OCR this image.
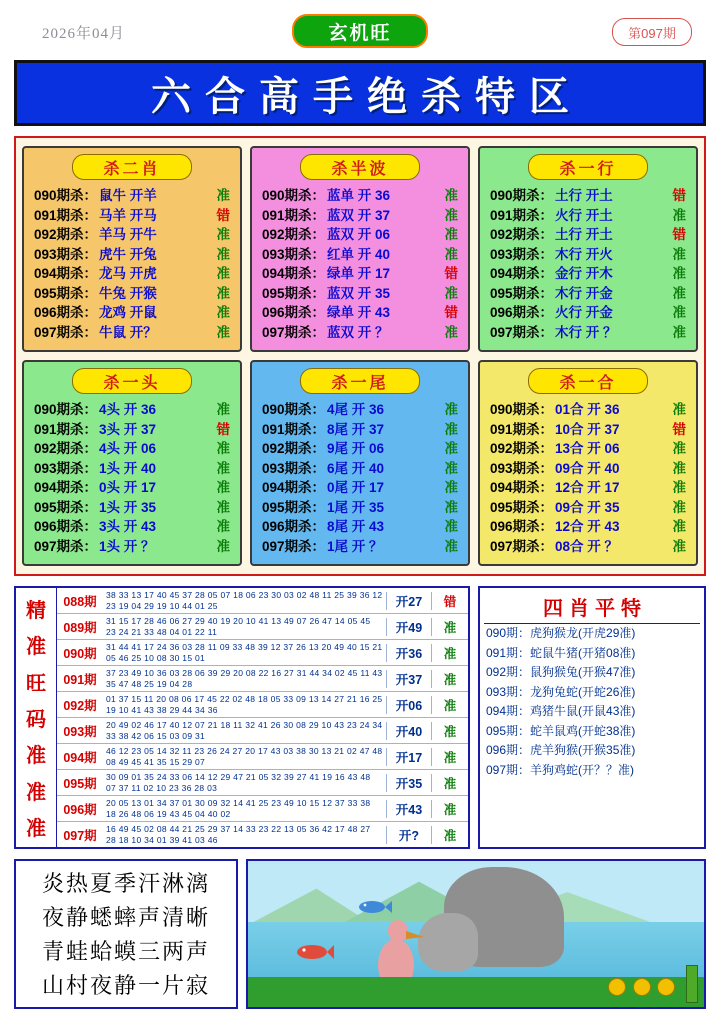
2026年04月	玄机旺	第097期
六合高手绝杀特区
杀二肖
090期杀： 鼠牛 开羊	准
091期杀： 马羊 开马	错
092期杀： 羊马 开牛	准
093期杀： 虎牛 开兔	准
094期杀： 龙马 开虎	准
095期杀： 牛兔 开猴	准
096期杀： 龙鸡 开鼠	准
097期杀： 牛鼠 开？	准
杀半波
090期杀： 蓝单 开 36	准
091期杀： 蓝双 开 37	准
092期杀： 蓝双 开 06	准
093期杀： 红单 开 40	准
094期杀： 绿单 开 17	错
095期杀： 蓝双 开 35	准
096期杀： 绿单 开 43	错
097期杀： 蓝双 开 ？	准
杀一行
090期杀： 土行 开土	错
091期杀： 火行 开土	准
092期杀： 土行 开土	错
093期杀： 木行 开火	准
094期杀： 金行 开木	准
095期杀： 木行 开金	准
096期杀： 火行 开金	准
097期杀： 木行 开 ？	准
杀一头
090期杀： 4头 开 36	准
091期杀： 3头 开 37	错
092期杀： 4头 开 06	准
093期杀： 1头 开 40	准
094期杀： 0头 开 17	准
095期杀： 1头 开 35	准
096期杀： 3头 开 43	准
097期杀： 1头 开 ？	准
杀一尾
090期杀： 4尾 开 36	准
091期杀： 8尾 开 37	准
092期杀： 9尾 开 06	准
093期杀： 6尾 开 40	准
094期杀： 0尾 开 17	准
095期杀： 1尾 开 35	准
096期杀： 8尾 开 43	准
097期杀： 1尾 开 ？	准
杀一合
090期杀： 01合 开 36	准
091期杀： 10合 开 37	错
092期杀： 13合 开 06	准
093期杀： 09合 开 40	准
094期杀： 12合 开 17	准
095期杀： 09合 开 35	准
096期杀： 12合 开 43	准
097期杀： 08合 开 ？	准
精
准
旺
码
准
准
准
088期	38 33 13 17 40 45 37 28 05 07 18 06 23 30 03 02 48 11 25 39 36 12 23 19 04 29 19 10 44 01 25	开27	错
089期	31 15 17 28 46 06 27 29 40 19 20 10 41 13 49 07 26 47 14 05 45 23 24 21 33 48 04 01 22 11	开49	准
090期	31 44 41 17 24 36 03 28 11 09 33 48 39 12 37 26 13 20 49 40 15 21 05 46 25 10 08 30 15 01	开36	准
091期	37 23 49 10 36 03 28 06 39 29 20 08 22 16 27 31 44 34 02 45 11 43 35 47 48 25 19 04 28	开37	准
092期	01 37 15 11 20 08 06 17 45 22 02 48 18 05 33 09 13 14 27 21 16 25 19 10 41 43 38 29 44 34 36	开06	准
093期	20 49 02 46 17 40 12 07 21 18 11 32 41 26 30 08 29 10 43 23 24 34 33 38 42 06 15 03 09 31	开40	准
094期	46 12 23 05 14 32 11 23 26 24 27 20 17 43 03 38 30 13 21 02 47 48 08 49 45 41 35 15 29 07	开17	准
095期	30 09 01 35 24 33 06 14 12 29 47 21 05 32 39 27 41 19 16 43 48 07 37 11 02 10 23 36 28 03	开35	准
096期	20 05 13 01 34 37 01 30 09 32 14 41 25 23 49 10 15 12 37 33 38 18 26 48 06 19 43 45 04 40 02	开43	准
097期	16 49 45 02 08 44 21 25 29 37 14 33 23 22 13 05 36 42 17 48 27 28 18 10 34 01 39 41 03 46	开?	准
四肖平特
090期：虎狗猴龙(开虎29准)
091期：蛇鼠牛猪(开猪08准)
092期：鼠狗猴兔(开猴47准)
093期：龙狗兔蛇(开蛇26准)
094期：鸡猪牛鼠(开鼠43准)
095期：蛇羊鼠鸡(开蛇38准)
096期：虎羊狗猴(开猴35准)
097期：羊狗鸡蛇(开？？准)
炎热夏季汗淋漓
夜静蟋蟀声清晰
青蛙蛤蟆三两声
山村夜静一片寂
